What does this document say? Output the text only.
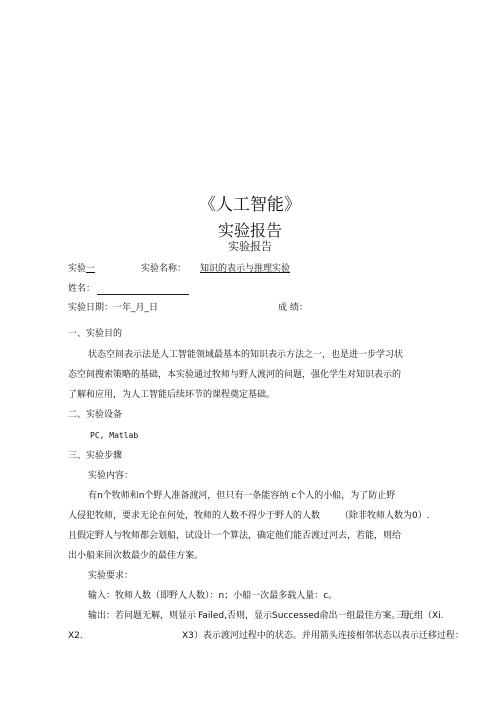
《人工智能》
实验报告
实验报告
实验一	实验名称： 知识的表示与推理实验
姓名：
实验日期：一年_月_日	成 绩：
一、实验目的
状态空间表示法是人工智能领域最基本的知识表示方法之一，也是进一步学习状
态空间搜索策略的基础，本实验通过牧师与野人渡河的问题，强化学生对知识表示的
了解和应用，为人工智能后续环节的课程奠定基础。
二、实验设备
PC, Matlab
三、实验步骤
实验内容：
有n个牧师和n个野人准备渡河，但只有一条能容纳 c个人的小船，为了防止野
人侵犯牧师，要求无论在何处，牧师的人数不得少于野人的人数 （除非牧师人数为0）.
且假定野人与牧师都会划船，试设计一个算法，确定他们能否渡过河去，若能，则给
出小船来回次数最少的最佳方案。
实验要求：
输入：牧师人数（即野人人数）：n；小船一次最多载人量：c。
输出：若问题无解，则显示 Failed,否则，显示Successed俞出一组最佳方案。用
三元组（Xi.
X2.	X3）表示渡河过程中的状态。并用箭头连接相邻状态以表示迁移过程：
